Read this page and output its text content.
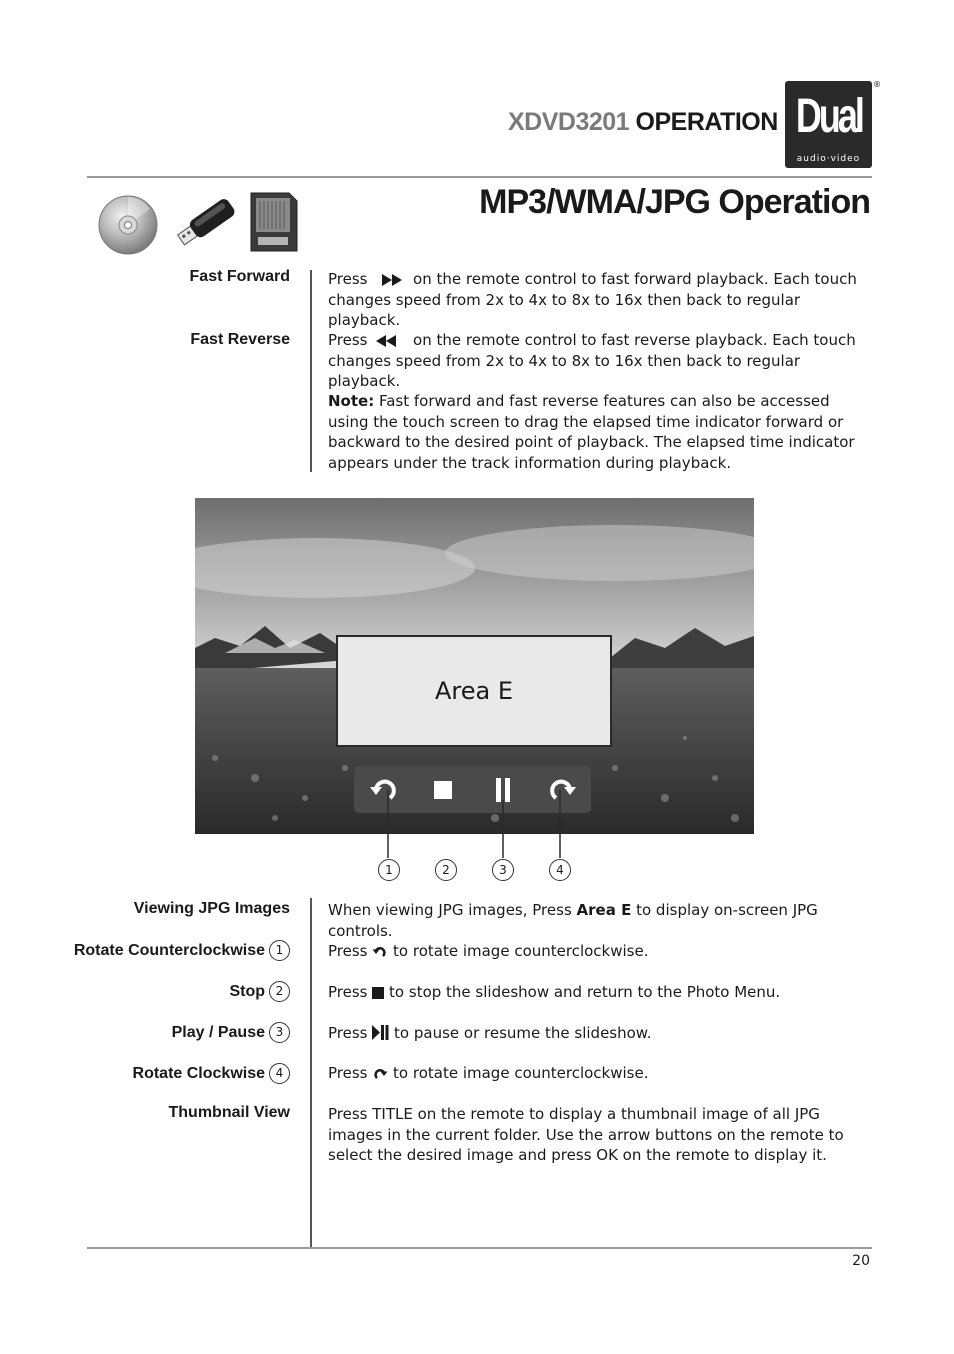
XDVD3201 OPERATION Dual
audio·video
®
MP3/WMA/JPG Operation
Fast Forward	Press	on the remote control to fast forward playback. Each touch changes speed from 2x to 4x to 8x to 16x then back to regular playback.
Fast Reverse	Press	on the remote control to fast reverse playback. Each touch changes speed from 2x to 4x to 8x to 16x then back to regular playback.
Note: Fast forward and fast reverse features can also be accessed using the touch screen to drag the elapsed time indicator forward or backward to the desired point of playback. The elapsed time indicator appears under the track information during playback.
Area E
1	2	3	4
Viewing JPG Images	When viewing JPG images, Press Area E to display on-screen JPG controls.
Rotate Counterclockwise 1	Press to rotate image counterclockwise.
Stop 2	Press to stop the slideshow and return to the Photo Menu.
Play / Pause 3	Press to pause or resume the slideshow.
Rotate Clockwise 4	Press to rotate image counterclockwise.
Thumbnail View	Press TITLE on the remote to display a thumbnail image of all JPG images in the current folder. Use the arrow buttons on the remote to select the desired image and press OK on the remote to display it.
20
